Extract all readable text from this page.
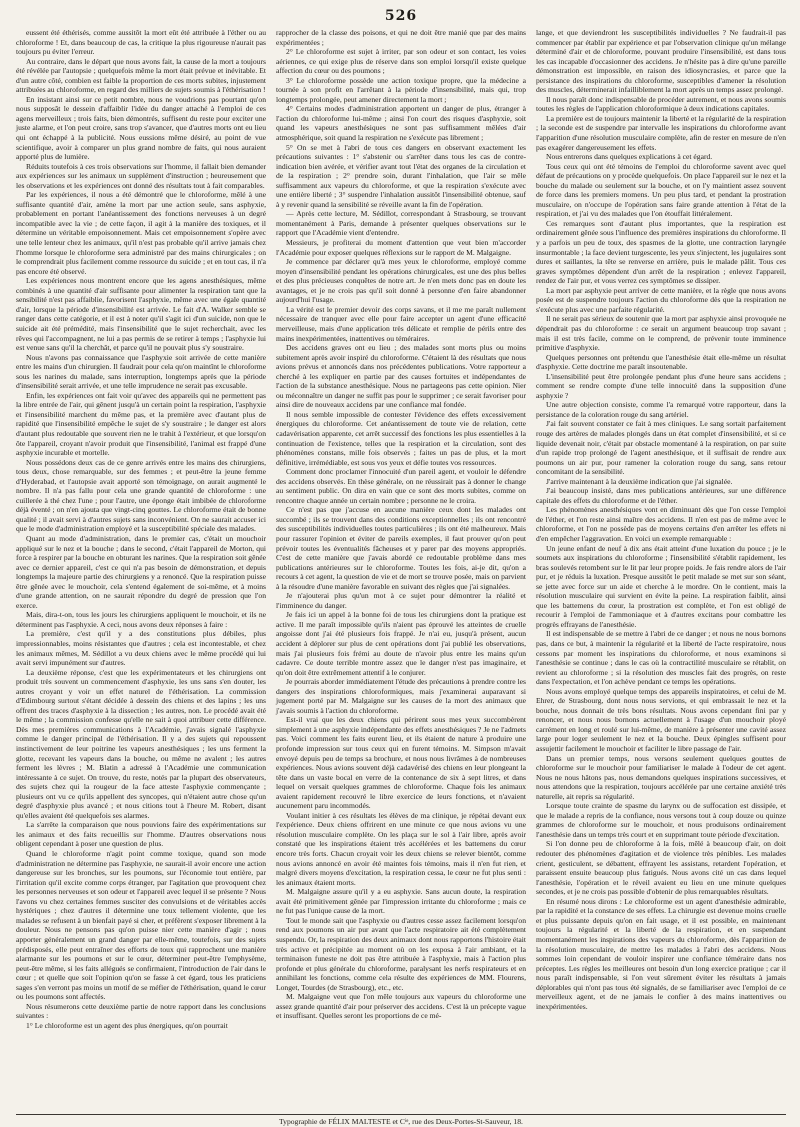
526

eussent été éthérisés, comme aussitôt la mort eût été attribuée à l'éther ou au chloroforme ! Et, dans beaucoup de cas, la critique la plus rigoureuse n'aurait pas toujours pu éviter l'erreur.

Au contraire, dans le départ que nous avons fait, la cause de la mort a toujours été révélée par l'autopsie ; quelquefois même la mort était prévue et inévitable. Et d'un autre côté, combien est faible la proportion de ces morts subites, injustement attribuées au chloroforme, en regard des milliers de sujets soumis à l'éthérisation !

En insistant ainsi sur ce petit nombre, nous ne voudrions pas pourtant qu'on nous supposât le dessein d'affaiblir l'idée du danger attaché à l'emploi de ces agens merveilleux ; trois faits, bien démontrés, suffisent du reste pour exciter une juste alarme, et l'on peut croire, sans trop s'avancer, que d'autres morts ont eu lieu qui ont échappé à la publicité. Nous eussions même désiré, au point de vue scientifique, avoir à comparer un plus grand nombre de faits, qui nous auraient apporté plus de lumière.

Réduits toutefois à ces trois observations sur l'homme, il fallait bien demander aux expériences sur les animaux un supplément d'instruction ; heureusement que les observations et les expériences ont donné des résultats tout à fait comparables.

Par les expériences, il nous a été démontré que le chloroforme, mêlé à une suffisante quantité d'air, amène la mort par une action seule, sans asphyxie, probablement en portant l'anéantissement des fonctions nerveuses à un degré incompatible avec la vie ; de cette façon, il agit à la manière des toxiques, et il détermine un véritable empoisonnement. Mais cet empoisonnement s'opère avec une telle lenteur chez les animaux, qu'il n'est pas probable qu'il arrive jamais chez l'homme lorsque le chloroforme sera administré par des mains chirurgicales ; on le comprendrait plus facilement comme ressource du suicide ; et en tout cas, il n'a pas encore été observé.

Les expériences nous montrent encore que les agens anesthésiques, même combinés à une quantité d'air suffisante pour alimenter la respiration tant que la sensibilité n'est pas affaiblie, favorisent l'asphyxie, même avec une égale quantité d'air, lorsque la période d'insensibilité est arrivée. Le fait d'A. Walker semble se ranger dans cette catégorie, et il est à noter qu'il s'agit ici d'un suicide, non que le suicide ait été prémédité, mais l'insensibilité que le sujet recherchait, avec les rêves qui l'accompagnent, ne lui a pas permis de se retirer à temps ; l'asphyxie lui est venue sans qu'il la cherchât, et parce qu'il ne pouvait plus s'y soustraire.

Nous n'avons pas connaissance que l'asphyxie soit arrivée de cette manière entre les mains d'un chirurgien. Il faudrait pour cela qu'on maintînt le chloroforme sous les narines du malade, sans interruption, longtemps après que la période d'insensibilité serait arrivée, et une telle imprudence ne serait pas excusable.

Enfin, les expériences ont fait voir qu'avec des appareils qui ne permettent pas la libre entrée de l'air, qui gênent jusqu'à un certain point la respiration, l'asphyxie et l'insensibilité marchent du même pas, et la première avec d'autant plus de rapidité que l'insensibilité empêche le sujet de s'y soustraire ; le danger est alors d'autant plus redoutable que souvent rien ne le trahit à l'extérieur, et que lorsqu'on ôte l'appareil, croyant n'avoir produit que l'insensibilité, l'animal est frappé d'une asphyxie incurable et mortelle.

Nous possédons deux cas de ce genre arrivés entre les mains des chirurgiens, tous deux, chose remarquable, sur des femmes ; et peut-être la jeune femme d'Hyderabad, et l'autopsie avait apporté son témoignage, on aurait augmenté le nombre. Il n'a pas fallu pour cela une grande quantité de chloroforme : une cuillerée à thé chez l'une ; pour l'autre, une éponge était imbibée de chloroforme déjà éventé ; on n'en ajouta que vingt-cinq gouttes. Le chloroforme était de bonne qualité ; il avait servi à d'autres sujets sans inconvénient. On ne saurait accuser ici que le mode d'administration employé et la susceptibilité spéciale des malades.

Quant au mode d'administration, dans le premier cas, c'était un mouchoir appliqué sur le nez et la bouche ; dans le second, c'était l'appareil de Morton, qui force à respirer par la bouche en obturant les narines. Que la respiration soit gênée avec ce dernier appareil, c'est ce qui n'a pas besoin de démonstration, et depuis longtemps la majeure partie des chirurgiens y a renoncé. Que la respiration puisse être gênée avec le mouchoir, cela s'entend également de soi-même, et à moins d'une grande attention, on ne saurait répondre du degré de pression que l'on exerce.

Mais, dira-t-on, tous les jours les chirurgiens appliquent le mouchoir, et ils ne déterminent pas l'asphyxie. A ceci, nous avons deux réponses à faire :

La première, c'est qu'il y a des constitutions plus débiles, plus impressionnables, moins résistantes que d'autres ; cela est incontestable, et chez les animaux mêmes, M. Sédillot a vu deux chiens avec le même procédé qui lui avait servi impunément sur d'autres.

La deuxième réponse, c'est que les expérimentateurs et les chirurgiens ont produit très souvent un commencement d'asphyxie, les uns sans s'en douter, les autres croyant y voir un effet naturel de l'éthérisation. La commission d'Edimbourg surtout s'étant décidée à dessein des chiens et des lapins ; les uns offrent des traces d'asphyxie à la dissection ; les autres, non. Le procédé avait été le même ; la commission confesse qu'elle ne sait à quoi attribuer cette différence. Dès mes premières communications à l'Académie, j'avais signalé l'asphyxie comme le danger principal de l'éthérisation. Il y a des sujets qui repoussent instinctivement de leur poitrine les vapeurs anesthésiques ; les uns ferment la glotte, recevant les vapeurs dans la bouche, ou même ne avalent ; les autres ferment les lèvres ; M. Blatin a adressé à l'Académie une communication intéressante à ce sujet. On trouve, du reste, notés par la plupart des observateurs, des sujets chez qui la rougeur de la face atteste l'asphyxie commençante ; plusieurs ont vu ce qu'ils appellent des syncopes, qui n'étaient autre chose qu'un degré d'asphyxie plus avancé ; et nous citions tout à l'heure M. Robert, disant qu'elles avaient été quelquefois ses alarmes.

La s'arrête la comparaison que nous pouvions faire des expérimentations sur les animaux et des faits recueillis sur l'homme. D'autres observations nous obligent cependant à poser une question de plus.

Quand le chloroforme n'agit point comme toxique, quand son mode d'administration ne détermine pas l'asphyxie, ne saurait-il avoir encore une action dangereuse sur les bronches, sur les poumons, sur l'économie tout entière, par l'irritation qu'il excite comme corps étranger, par l'agitation que provoquent chez les personnes nerveuses et son odeur et l'appareil avec lequel il se présente ? Nous l'avons vu chez certaines femmes susciter des convulsions et de véritables accès hystériques ; chez d'autres il détermine une toux tellement violente, que les malades se refusent à un bienfait payé si cher, et préfèrent s'exposer librement à la douleur. Nous ne pensons pas qu'on puisse nier cette manière d'agir ; nous apporter généralement un grand danger par elle-même, toutefois, sur des sujets prédisposés, elle peut entraîner des efforts de toux qui rapprochent une manière alarmante sur les poumons et sur le cœur, déterminer peut-être l'emphysème, peut-être même, si les faits allégués se confirmaient, l'introduction de l'air dans le cœur ; et quelle que soit l'opinion qu'on se fasse à cet égard, tous les praticiens sages s'en verront pas moins un motif de se méfier de l'éthérisation, quand le cœur ou les poumons sont affectés.

Nous résumerons cette deuxième partie de notre rapport dans les conclusions suivantes :

1° Le chloroforme est un agent des plus énergiques, qu'on pourrait

rapprocher de la classe des poisons, et qui ne doit être manié que par des mains expérimentées ;

2° Le chloroforme est sujet à irriter, par son odeur et son contact, les voies aériennes, ce qui exige plus de réserve dans son emploi lorsqu'il existe quelque affection du cœur ou des poumons ;

3° Le chloroforme possède une action toxique propre, que la médecine a tournée à son profit en l'arrêtant à la période d'insensibilité, mais qui, trop longtemps prolongée, peut amener directement la mort ;

4° Certains modes d'administration apportent un danger de plus, étranger à l'action du chloroforme lui-même ; ainsi l'on court des risques d'asphyxie, soit quand les vapeurs anesthésiques ne sont pas suffisamment mêlées d'air atmosphérique, soit quand la respiration ne s'exécute pas librement ;

5° On se met à l'abri de tous ces dangers en observant exactement les précautions suivantes : 1° s'abstenir ou s'arrêter dans tous les cas de contre-indication bien avérée, et vérifier avant tout l'état des organes de la circulation et de la respiration ; 2° prendre soin, durant l'inhalation, que l'air se mêle suffisamment aux vapeurs du chloroforme, et que la respiration s'exécute avec une entière liberté ; 3° suspendre l'inhalation aussitôt l'insensibilité obtenue, sauf à y revenir quand la sensibilité se réveille avant la fin de l'opération.

— Après cette lecture, M. Sédillot, correspondant à Strasbourg, se trouvant momentanément à Paris, demande à présenter quelques observations sur le rapport que l'Académie vient d'entendre.

Messieurs, je profiterai du moment d'attention que veut bien m'accorder l'Académie pour exposer quelques réflexions sur le rapport de M. Malgaigne.

Je commence par déclarer qu'à mes yeux le chloroforme, employé comme moyen d'insensibilité pendant les opérations chirurgicales, est une des plus belles et des plus précieuses conquêtes de notre art. Je n'en mets donc pas en doute les avantages, et je ne crois pas qu'il soit donné à personne d'en faire abandonner aujourd'hui l'usage.

La vérité est le premier devoir des corps savans, et il me me paraît nullement nécessaire de tranquer avec elle pour faire accepter un agent d'une efficacité merveilleuse, mais d'une application très délicate et remplie de périls entre des mains inexpérimentées, inattentives ou téméraires.

Des accidens graves ont eu lieu ; des malades sont morts plus ou moins subitement après avoir inspiré du chloroforme. C'étaient là des résultats que nous avions prévus et annoncés dans nos précédentes publications. Votre rapporteur a cherché à les expliquer en partie par des causes fortuites et indépendantes de l'action de la substance anesthésique. Nous ne partageons pas cette opinion. Nier ou méconnaître un danger ne suffit pas pour le supprimer ; ce serait favoriser pour ainsi dire de nouveaux accidens par une confiance mal fondée.

Il nous semble impossible de contester l'évidence des effets excessivement énergiques du chloroforme. Cet anéantissement de toute vie de relation, cette cadavérisation apparente, cet arrêt successif des fonctions les plus essentielles à la continuation de l'existence, telles que la respiration et la circulation, sont des phénomènes constans, mille fois observés ; faites un pas de plus, et la mort définitive, irrémédiable, est sous vos yeux et défie toutes vos ressources.

Comment donc proclamer l'innocuité d'un pareil agent, et vouloir le défendre des accidens observés. En thèse générale, on ne réussirait pas à donner le change au sentiment public. On dira en vain que ce sont des morts subites, comme on rencontre chaque année un certain nombre ; personne ne le croira.

Ce n'est pas que j'accuse en aucune manière ceux dont les malades ont succombé ; ils se trouvent dans des conditions exceptionnelles ; ils ont rencontré des susceptibilités individuelles toutes particulières ; ils ont été malheureux. Mais pour rassurer l'opinion et éviter de pareils exemples, il faut prouver qu'on peut prévoir toutes les éventualités fâcheuses et y parer par des moyens appropriés. C'est de cette manière que j'avais abordé ce redoutable problème dans mes publications antérieures sur le chloroforme. Toutes les fois, ai-je dit, qu'on a recours à cet agent, la question de vie et de mort se trouve posée, mais on parvient à la résoudre d'une manière favorable en suivant des règles que j'ai signalées.

Je n'ajouterai plus qu'un mot à ce sujet pour démontrer la réalité et l'imminence du danger.

Je fais ici un appel à la bonne foi de tous les chirurgiens dont la pratique est active. Il me paraît impossible qu'ils n'aient pas éprouvé les atteintes de cruelle angoisse dont j'ai été plusieurs fois frappé. Je n'ai eu, jusqu'à présent, aucun accident à déplorer sur plus de cent opérations dont j'ai publié les observations, mais j'ai plusieurs fois frémi au doute de n'avoir plus entre les mains qu'un cadavre. Ce doute terrible montre assez que le danger n'est pas imaginaire, et qu'on doit être extrêmement attentif à le conjurer.

Je pourrais aborder immédiatement l'étude des précautions à prendre contre les dangers des inspirations chloroformiques, mais j'examinerai auparavant si jugement porté par M. Malgaigne sur les causes de la mort des animaux que j'avais soumis à l'action du chloroforme.

Est-il vrai que les deux chiens qui périrent sous mes yeux succombèrent simplement à une asphyxie indépendante des effets anesthésiques ? Je ne l'admets pas. Voici comment les faits eurent lieu, et ils étaient de nature à produire une profonde impression sur tous ceux qui en furent témoins. M. Simpson m'avait envoyé depuis peu de temps sa brochure, et nous nous livrâmes à de nombreuses expériences. Nous avions souvent déjà cadavérisé des chiens en leur plongeant la tête dans un vaste bocal en verre de la contenance de six à sept litres, et dans lequel on versait quelques grammes de chloroforme. Chaque fois les animaux avaient rapidement recouvré le libre exercice de leurs fonctions, et n'avaient aucunement paru incommodés.

Voulant initier à ces résultats les élèves de ma clinique, je répétai devant eux l'expérience. Deux chiens offrirent en une minute ce que nous avions vu une résolution musculaire complète. On les plaça sur le sol à l'air libre, après avoir constaté que les inspirations étaient très accélérées et les battemens du cœur encore très forts. Chacun croyait voir les deux chiens se relever bientôt, comme nous avions annoncé en avoir été maintes fois témoins, mais il n'en fut rien, et malgré divers moyens d'excitation, la respiration cessa, le cœur ne fut plus senti : les animaux étaient morts.

M. Malgaigne assure qu'il y a eu asphyxie. Sans aucun doute, la respiration avait été primitivement gênée par l'impression irritante du chloroforme ; mais ce ne fut pas l'unique cause de la mort.

Tout le monde sait que l'asphyxie ou d'autres cesse assez facilement lorsqu'on rend aux poumons un air pur avant que l'acte respiratoire ait été complètement suspendu. Or, la respiration des deux animaux dont nous rapportons l'histoire était très active et précipitée au moment où on les exposa à l'air ambiant, et la terminaison funeste ne doit pas être attribuée à l'asphyxie, mais à l'action plus profonde et plus générale du chloroforme, paralysant les nerfs respirateurs et en annihilant les fonctions, comme cela résulte des expériences de MM. Flourens, Longet, Tourdes (de Strasbourg), etc., etc.

M. Malgaigne veut que l'on mêle toujours aux vapeurs du chloroforme une assez grande quantité d'air pour préserver des accidens. C'est là un précepte vague et insuffisant. Quelles seront les proportions de ce mé-

lange, et que deviendront les susceptibilités individuelles ? Ne faudrait-il pas commencer par établir par expérience et par l'observation clinique qu'un mélange déterminé d'air et de chloroforme, pouvant produire l'insensibilité, est dans tous les cas incapable d'occasionner des accidens. Je n'hésite pas à dire qu'une pareille démonstration est impossible, en raison des idiosyncrasies, et parce que la persistance des inspirations du chloroforme, susceptibles d'amener la résolution des muscles, déterminerait infailliblement la mort après un temps assez prolongé.

Il nous paraît donc indispensable de procéder autrement, et nous avons soumis toutes les règles de l'application chloroformique à deux indications capitales.

La première est de toujours maintenir la liberté et la régularité de la respiration ; la seconde est de suspendre par intervalle les inspirations du chloroforme avant l'apparition d'une résolution musculaire complète, afin de rester en mesure de n'en pas exagérer dangereusement les effets.

Nous entrerons dans quelques explications à cet égard.

Tous ceux qui ont été témoins de l'emploi du chloroforme savent avec quel défaut de précautions on y procède quelquefois. On place l'appareil sur le nez et la bouche du malade ou seulement sur la bouche, et on l'y maintient assez souvent de force dans les premiers momens. Un peu plus tard, et pendant la prostration musculaire, on n'occupe de l'opération sans faire grande attention à l'état de la respiration, et j'ai vu des malades que l'on étouffait littéralement.

Ces remarques sont d'autant plus importantes, que la respiration est ordinairement gênée sous l'influence des premières inspirations du chloroforme. Il y a parfois un peu de toux, des spasmes de la glotte, une contraction laryngée insurmontable ; la face devient turgescente, les yeux s'injectent, les jugulaires sont dures et saillantes, la tête se renverse en arrière, puis le malade pâlit. Tous ces graves symptômes dépendent d'un arrêt de la respiration ; enlevez l'appareil, rendez de l'air pur, et vous verrez ces symptômes se dissiper.

La mort par asphyxie peut arriver de cette manière, et la règle que nous avons posée est de suspendre toujours l'action du chloroforme dès que la respiration ne s'exécute plus avec une parfaite régularité.

Il ne serait pas sérieux de soutenir que la mort par asphyxie ainsi provoquée ne dépendrait pas du chloroforme : ce serait un argument beaucoup trop savant ; mais il est très facile, comme on le comprend, de prévenir toute imminence primitive d'asphyxie.

Quelques personnes ont prétendu que l'anesthésie était elle-même un résultat d'asphyxie. Cette doctrine me paraît insoutenable.

L'insensibilité peut être prolongée pendant plus d'une heure sans accidens ; comment se rendre compte d'une telle innocuité dans la supposition d'une asphyxie ?

Une autre objection consiste, comme l'a remarqué votre rapporteur, dans la persistance de la coloration rouge du sang artériel.

J'ai fait souvent constater ce fait à mes cliniques. Le sang sortait parfaitement rouge des artères de malades plongés dans un état complet d'insensibilité, et si ce liquide devenait noir, c'était par obstacle momentané à la respiration, on par suite d'un rapide trop prolongé de l'agent anesthésique, et il suffisait de rendre aux poumons un air pur, pour ramener la coloration rouge du sang, sans retour concomitant de la sensibilité.

J'arrive maintenant à la deuxième indication que j'ai signalée.

J'ai beaucoup insisté, dans mes publications antérieures, sur une différence capitale des effets du chloroforme et de l'éther.

Les phénomènes anesthésiques vont en diminuant dès que l'on cesse l'emploi de l'éther, et l'on reste ainsi maître des accidens. Il n'en est pas de même avec le chloroforme, et l'on ne possède pas de moyens certains d'en arrêter les effets ni d'en empêcher l'aggravation. En voici un exemple remarquable :

Un jeune enfant de neuf à dix ans était atteint d'une luxation du pouce ; je le soumets aux inspirations du chloroforme ; l'insensibilité s'établit rapidement, les bras soulevés retombent sur le lit par leur propre poids. Je fais rendre alors de l'air pur, et je réduis la luxation. Presque aussitôt le petit malade se met sur son séant, se jette avec force sur un aide et cherche à le mordre. On le contient, mais la résolution musculaire qui survient en évite la peine. La respiration faiblit, ainsi que les battemens du cœur, la prostration est complète, et l'on est obligé de recourir à l'emploi de l'ammoniaque et à d'autres excitans pour combattre les progrès effrayans de l'anesthésie.

Il est indispensable de se mettre à l'abri de ce danger ; et nous ne nous bornons pas, dans ce but, à maintenir la régularité et la liberté de l'acte respiratoire, nous cessons par moment les inspirations du chloroforme, et nous examinons si l'anesthésie se continue ; dans le cas où la contractilité musculaire se rétablit, on revient au chloroforme ; si la résolution des muscles fait des progrès, on reste dans l'expectation, et l'on achève pendant ce temps les opérations.

Nous avons employé quelque temps des appareils inspiratoires, et celui de M. Ehrer, de Strasbourg, dont nous nous servions, et qui embrassait le nez et la bouche, nous donnait de très bons résultats. Nous avons cependant fini par y renoncer, et nous nous bornons actuellement à l'usage d'un mouchoir ployé carrément en long et roulé sur lui-même, de manière à présenter une cavité assez large pour loger seulement le nez et la bouche. Deux épingles suffisent pour assujettir facilement le mouchoir et faciliter le libre passage de l'air.

Dans un premier temps, nous versons seulement quelques gouttes de chloroforme sur le mouchoir pour familiariser le malade à l'odeur de cet agent. Nous ne nous hâtons pas, nous demandons quelques inspirations successives, et nous attendons que la respiration, toujours accélérée par une certaine anxiété très naturelle, ait repris sa régularité.

Lorsque toute crainte de spasme du larynx ou de suffocation est dissipée, et que le malade a repris de la confiance, nous versons tout à coup douze ou quinze grammes de chloroforme sur le mouchoir, et nous produisons ordinairement l'anesthésie dans un temps très court et en supprimant toute période d'excitation.

Si l'on donne peu de chloroforme à la fois, mêlé à beaucoup d'air, on doit redouter des phénomènes d'agitation et de violence très pénibles. Les malades crient, gesticulent, se débattent, effrayent les assistans, retardent l'opération, et paraissent ensuite beaucoup plus fatigués. Nous avons cité un cas dans lequel l'anesthésie, l'opération et le réveil avaient eu lieu en une minute quelques secondes, et je ne crois pas possible d'obtenir de plus remarquables résultats.

En résumé nous dirons : Le chloroforme est un agent d'anesthésie admirable, par la rapidité et la constance de ses effets. La chirurgie est devenue moins cruelle et plus puissante depuis qu'on en fait usage, et il est possible, en maintenant toujours la régularité et la liberté de la respiration, et en suspendant momentanément les inspirations des vapeurs du chloroforme, dès l'apparition de la résolution musculaire, de mettre les malades à l'abri des accidens. Nous sommes loin cependant de vouloir inspirer une confiance téméraire dans nos préceptes. Les règles les meilleures ont besoin d'un long exercice pratique ; car il nous paraît indispensable, si l'on veut sûrement éviter les résultats à jamais déplorables qui n'ont pas tous été signalés, de se familiariser avec l'emploi de ce merveilleux agent, et de ne jamais le confier à des mains inattentives ou inexpérimentées.

Typographie de FÉLIX MALTESTE et Cⁱᵉ, rue des Deux-Portes-St-Sauveur, 18.
